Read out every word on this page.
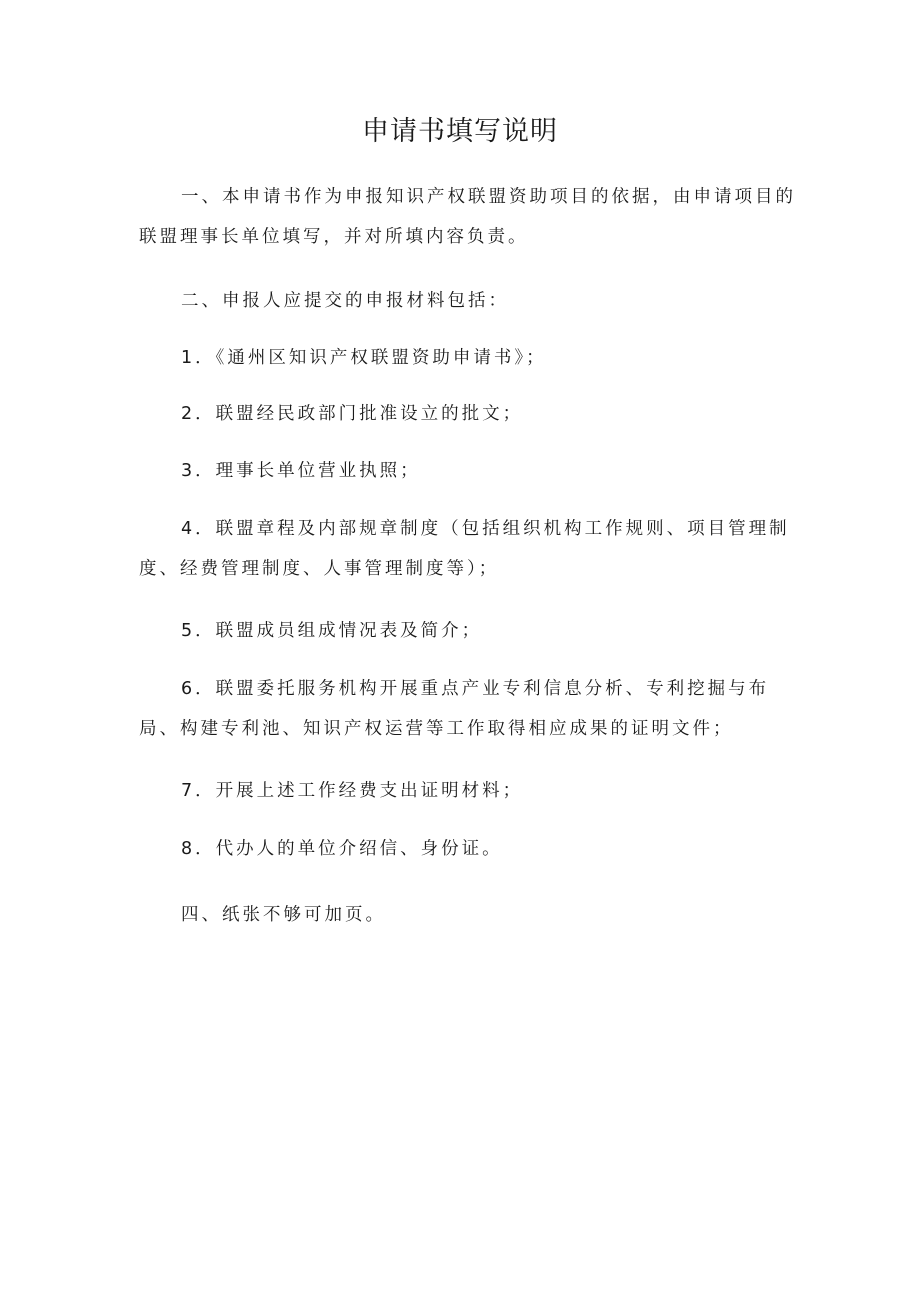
申请书填写说明

一、本申请书作为申报知识产权联盟资助项目的依据，由申请项目的联盟理事长单位填写，并对所填内容负责。

二、申报人应提交的申报材料包括：

1．《通州区知识产权联盟资助申请书》；

2．联盟经民政部门批准设立的批文；

3．理事长单位营业执照；

4．联盟章程及内部规章制度（包括组织机构工作规则、项目管理制度、经费管理制度、人事管理制度等）；

5．联盟成员组成情况表及简介；

6．联盟委托服务机构开展重点产业专利信息分析、专利挖掘与布局、构建专利池、知识产权运营等工作取得相应成果的证明文件；

7．开展上述工作经费支出证明材料；

8．代办人的单位介绍信、身份证。

四、纸张不够可加页。
